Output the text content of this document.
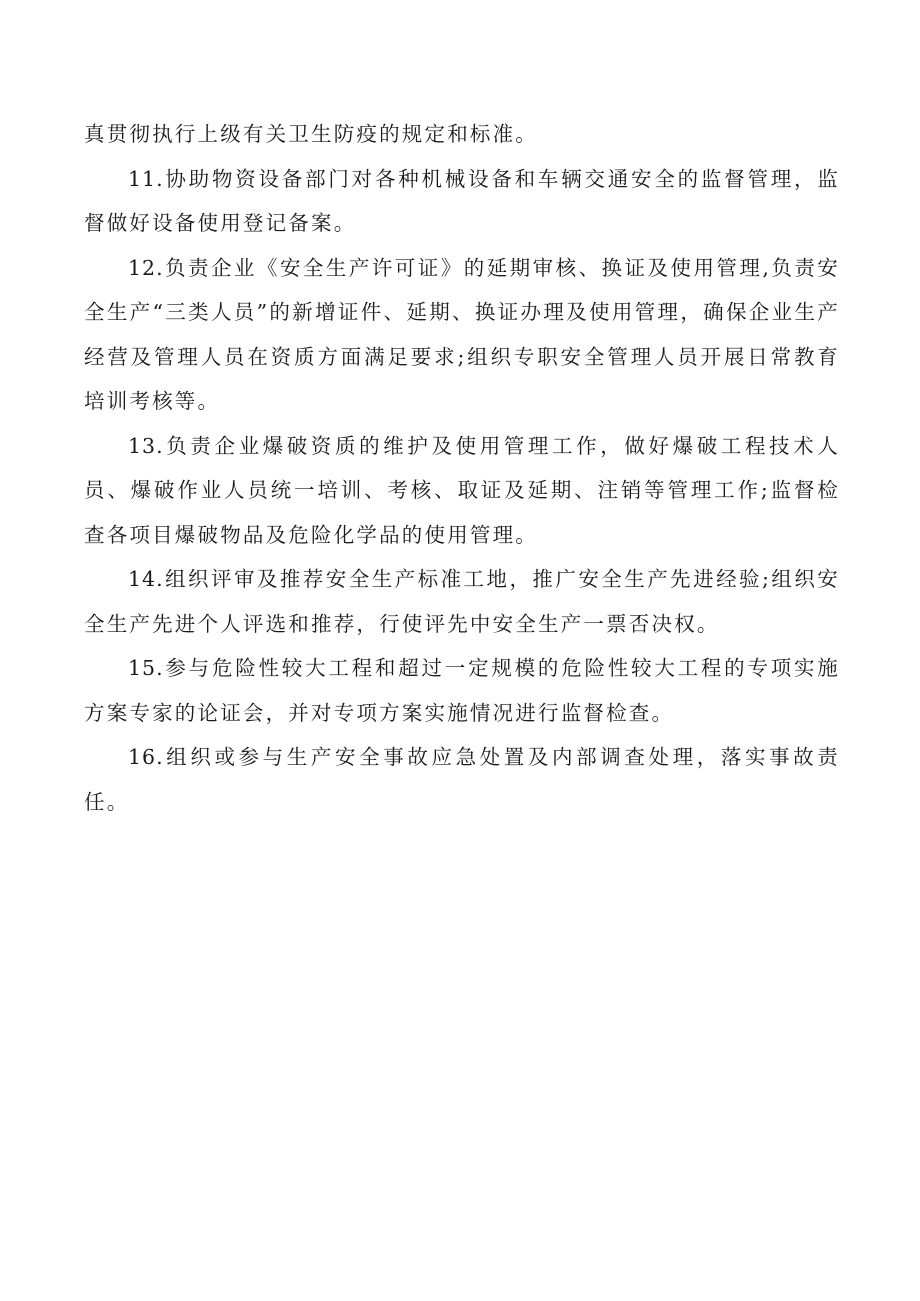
真贯彻执行上级有关卫生防疫的规定和标准。

11.协助物资设备部门对各种机械设备和车辆交通安全的监督管理，监督做好设备使用登记备案。

12.负责企业《安全生产许可证》的延期审核、换证及使用管理,负责安全生产“三类人员”的新增证件、延期、换证办理及使用管理，确保企业生产经营及管理人员在资质方面满足要求;组织专职安全管理人员开展日常教育培训考核等。

13.负责企业爆破资质的维护及使用管理工作，做好爆破工程技术人员、爆破作业人员统一培训、考核、取证及延期、注销等管理工作;监督检查各项目爆破物品及危险化学品的使用管理。

14.组织评审及推荐安全生产标准工地，推广安全生产先进经验;组织安全生产先进个人评选和推荐，行使评先中安全生产一票否决权。

15.参与危险性较大工程和超过一定规模的危险性较大工程的专项实施方案专家的论证会，并对专项方案实施情况进行监督检查。

16.组织或参与生产安全事故应急处置及内部调查处理，落实事故责任。
